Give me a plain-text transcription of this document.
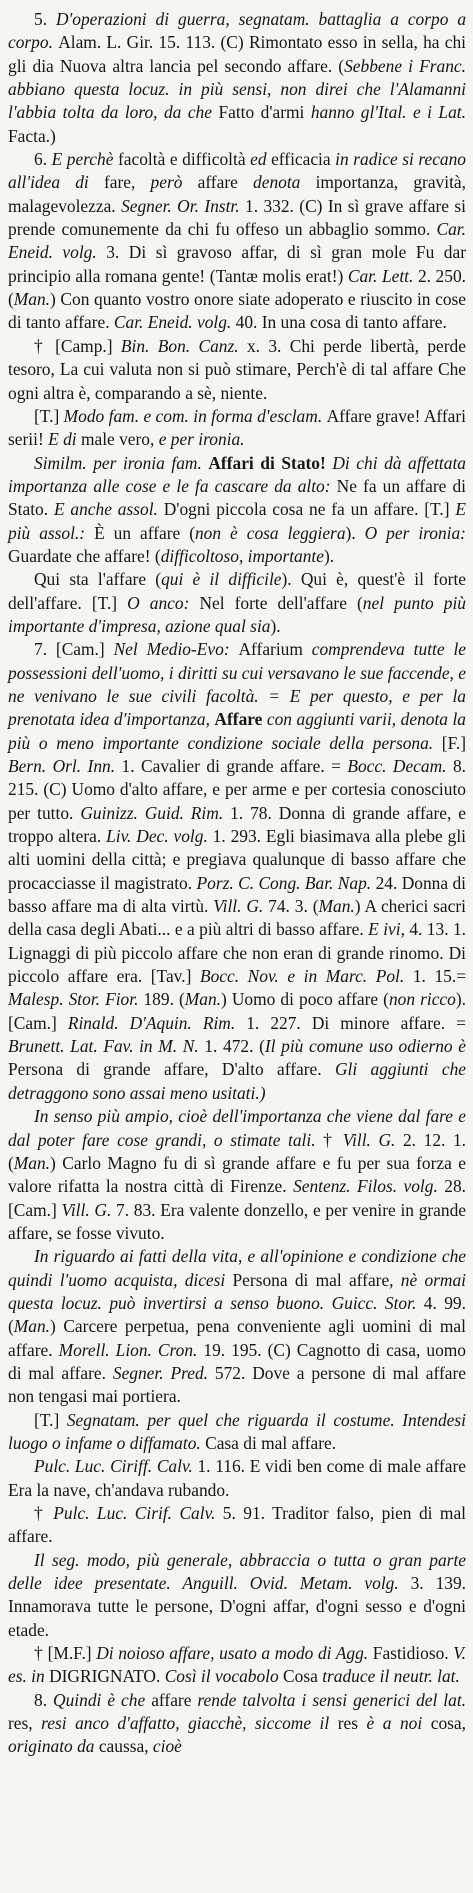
5. D'operazioni di guerra, segnatam. battaglia a corpo a corpo. Alam. L. Gir. 15. 113. (C) Rimontato esso in sella, ha chi gli dia Nuova altra lancia pel secondo affare. (Sebbene i Franc. abbiano questa locuz. in più sensi, non direi che l'Alamanni l'abbia tolta da loro, da che Fatto d'armi hanno gl'Ital. e i Lat. Facta.)

6. E perchè facoltà e difficoltà ed efficacia in radice si recano all'idea di fare, però affare denota importanza, gravità, malagevolezza. Segner. Or. Instr. 1. 332. (C) In sì grave affare si prende comunemente da chi fu offeso un abbaglio sommo. Car. Eneid. volg. 3. Di sì gravoso affar, di sì gran mole Fu dar principio alla romana gente! (Tantæ molis erat!) Car. Lett. 2. 250. (Man.) Con quanto vostro onore siate adoperato e riuscito in cose di tanto affare. Car. Eneid. volg. 40. In una cosa di tanto affare.

† [Camp.] Bin. Bon. Canz. x. 3. Chi perde libertà, perde tesoro, La cui valuta non si può stimare, Perch'è di tal affare Che ogni altra è, comparando a sè, niente.

[T.] Modo fam. e com. in forma d'esclam. Affare grave! Affari serii! E di male vero, e per ironia.

Similm. per ironia fam. Affari di Stato! Di chi dà affettata importanza alle cose e le fa cascare da alto: Ne fa un affare di Stato. E anche assol. D'ogni piccola cosa ne fa un affare. [T.] E più assol.: È un affare (non è cosa leggiera). O per ironia: Guardate che affare! (difficoltoso, importante).

Qui sta l'affare (qui è il difficile). Qui è, quest'è il forte dell'affare. [T.] O anco: Nel forte dell'affare (nel punto più importante d'impresa, azione qual sia).

7. [Cam.] Nel Medio-Evo: Affarium comprendeva tutte le possessioni dell'uomo, i diritti su cui versavano le sue faccende, e ne venivano le sue civili facoltà. = E per questo, e per la prenotata idea d'importanza, Affare con aggiunti varii, denota la più o meno importante condizione sociale della persona. [F.] Bern. Orl. Inn. 1. Cavalier di grande affare. = Bocc. Decam. 8. 215. (C) Uomo d'alto affare, e per arme e per cortesia conosciuto per tutto. Guinizz. Guid. Rim. 1. 78. Donna di grande affare, e troppo altera. Liv. Dec. volg. 1. 293. Egli biasimava alla plebe gli alti uomini della città; e pregiava qualunque di basso affare che procacciasse il magistrato. Porz. C. Cong. Bar. Nap. 24. Donna di basso affare ma di alta virtù. Vill. G. 74. 3. (Man.) A cherici sacri della casa degli Abati... e a più altri di basso affare. E ivi, 4. 13. 1. Lignaggi di più piccolo affare che non eran di grande rinomo. Di piccolo affare era. [Tav.] Bocc. Nov. e in Marc. Pol. 1. 15.= Malesp. Stor. Fior. 189. (Man.) Uomo di poco affare (non ricco). [Cam.] Rinald. D'Aquin. Rim. 1. 227. Di minore affare. = Brunett. Lat. Fav. in M. N. 1. 472. (Il più comune uso odierno è Persona di grande affare, D'alto affare. Gli aggiunti che detraggono sono assai meno usitati.)

In senso più ampio, cioè dell'importanza che viene dal fare e dal poter fare cose grandi, o stimate tali. † Vill. G. 2. 12. 1. (Man.) Carlo Magno fu di sì grande affare e fu per sua forza e valore rifatta la nostra città di Firenze. Sentenz. Filos. volg. 28. [Cam.] Vill. G. 7. 83. Era valente donzello, e per venire in grande affare, se fosse vivuto.

In riguardo ai fatti della vita, e all'opinione e condizione che quindi l'uomo acquista, dicesi Persona di mal affare, nè ormai questa locuz. può invertirsi a senso buono. Guicc. Stor. 4. 99. (Man.) Carcere perpetua, pena conveniente agli uomini di mal affare. Morell. Lion. Cron. 19. 195. (C) Cagnotto di casa, uomo di mal affare. Segner. Pred. 572. Dove a persone di mal affare non tengasi mai portiera.

[T.] Segnatam. per quel che riguarda il costume. Intendesi luogo o infame o diffamato. Casa di mal affare.

Pulc. Luc. Ciriff. Calv. 1. 116. E vidi ben come di male affare Era la nave, ch'andava rubando.

† Pulc. Luc. Cirif. Calv. 5. 91. Traditor falso, pien di mal affare.

Il seg. modo, più generale, abbraccia o tutta o gran parte delle idee presentate. Anguill. Ovid. Metam. volg. 3. 139. Innamorava tutte le persone, D'ogni affar, d'ogni sesso e d'ogni etade.

† [M.F.] Di noioso affare, usato a modo di Agg. Fastidioso. V. es. in DIGRIGNATO. Così il vocabolo Cosa traduce il neutr. lat.

8. Quindi è che affare rende talvolta i sensi generici del lat. res, resi anco d'affatto, giacchè, siccome il res è a noi cosa, originato da caussa, cioè
